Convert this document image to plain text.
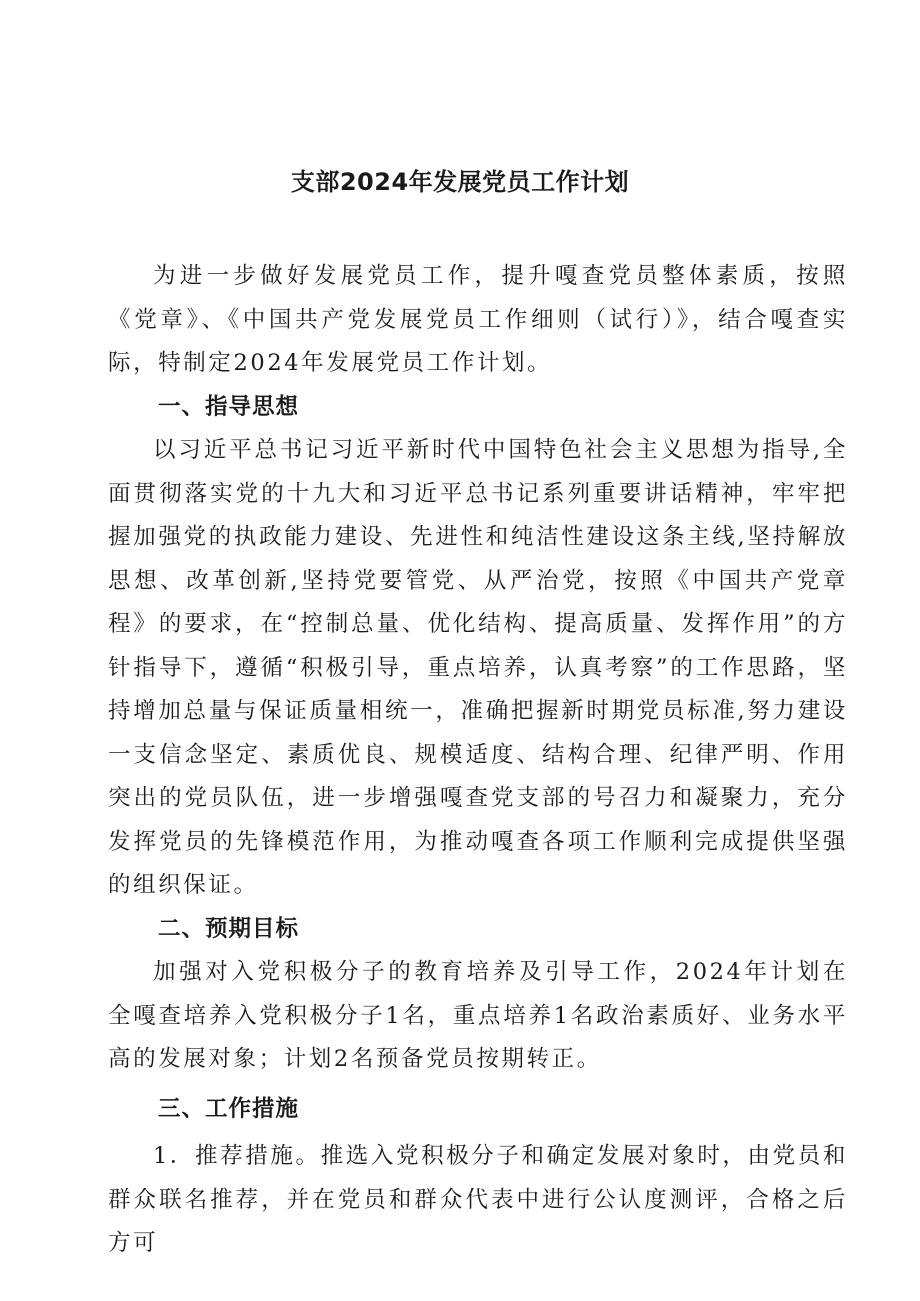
支部2024年发展党员工作计划

为进一步做好发展党员工作，提升嘎查党员整体素质，按照《党章》、《中国共产党发展党员工作细则（试行）》，结合嘎查实际，特制定2024年发展党员工作计划。

一、指导思想

以习近平总书记习近平新时代中国特色社会主义思想为指导,全面贯彻落实党的十九大和习近平总书记系列重要讲话精神，牢牢把握加强党的执政能力建设、先进性和纯洁性建设这条主线,坚持解放思想、改革创新,坚持党要管党、从严治党，按照《中国共产党章程》的要求，在“控制总量、优化结构、提高质量、发挥作用”的方针指导下，遵循“积极引导，重点培养，认真考察”的工作思路，坚持增加总量与保证质量相统一，准确把握新时期党员标准,努力建设一支信念坚定、素质优良、规模适度、结构合理、纪律严明、作用突出的党员队伍，进一步增强嘎查党支部的号召力和凝聚力，充分发挥党员的先锋模范作用，为推动嘎查各项工作顺利完成提供坚强的组织保证。

二、预期目标

加强对入党积极分子的教育培养及引导工作，2024年计划在全嘎查培养入党积极分子1名，重点培养1名政治素质好、业务水平高的发展对象；计划2名预备党员按期转正。

三、工作措施

1．推荐措施。推选入党积极分子和确定发展对象时，由党员和群众联名推荐，并在党员和群众代表中进行公认度测评，合格之后方可
